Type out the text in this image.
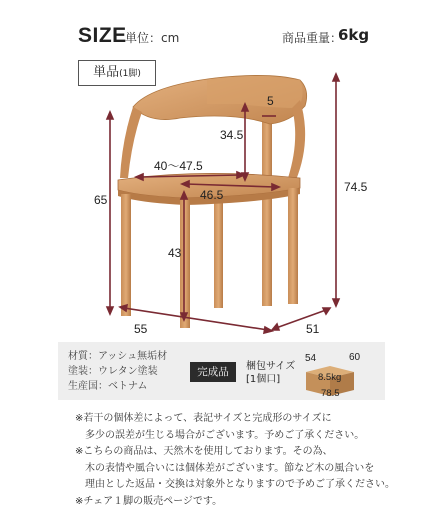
SIZE
単位：cm	商品重量：
6kg
単品(1脚)
5
34.5
40〜47.5
46.5
74.5
65
43
55	51
材質：アッシュ無垢材
塗装：ウレタン塗装
生産国：ベトナム
完成品	梱包サイズ
[1個口]
54	60
8.5kg
78.5
※若干の個体差によって、表記サイズと完成形のサイズに
　多少の誤差が生じる場合がございます。予めご了承ください。
※こちらの商品は、天然木を使用しております。その為、
　木の表情や風合いには個体差がございます。節など木の風合いを
　理由とした返品・交換は対象外となりますので予めご了承ください。
※チェア１脚の販売ページです。
